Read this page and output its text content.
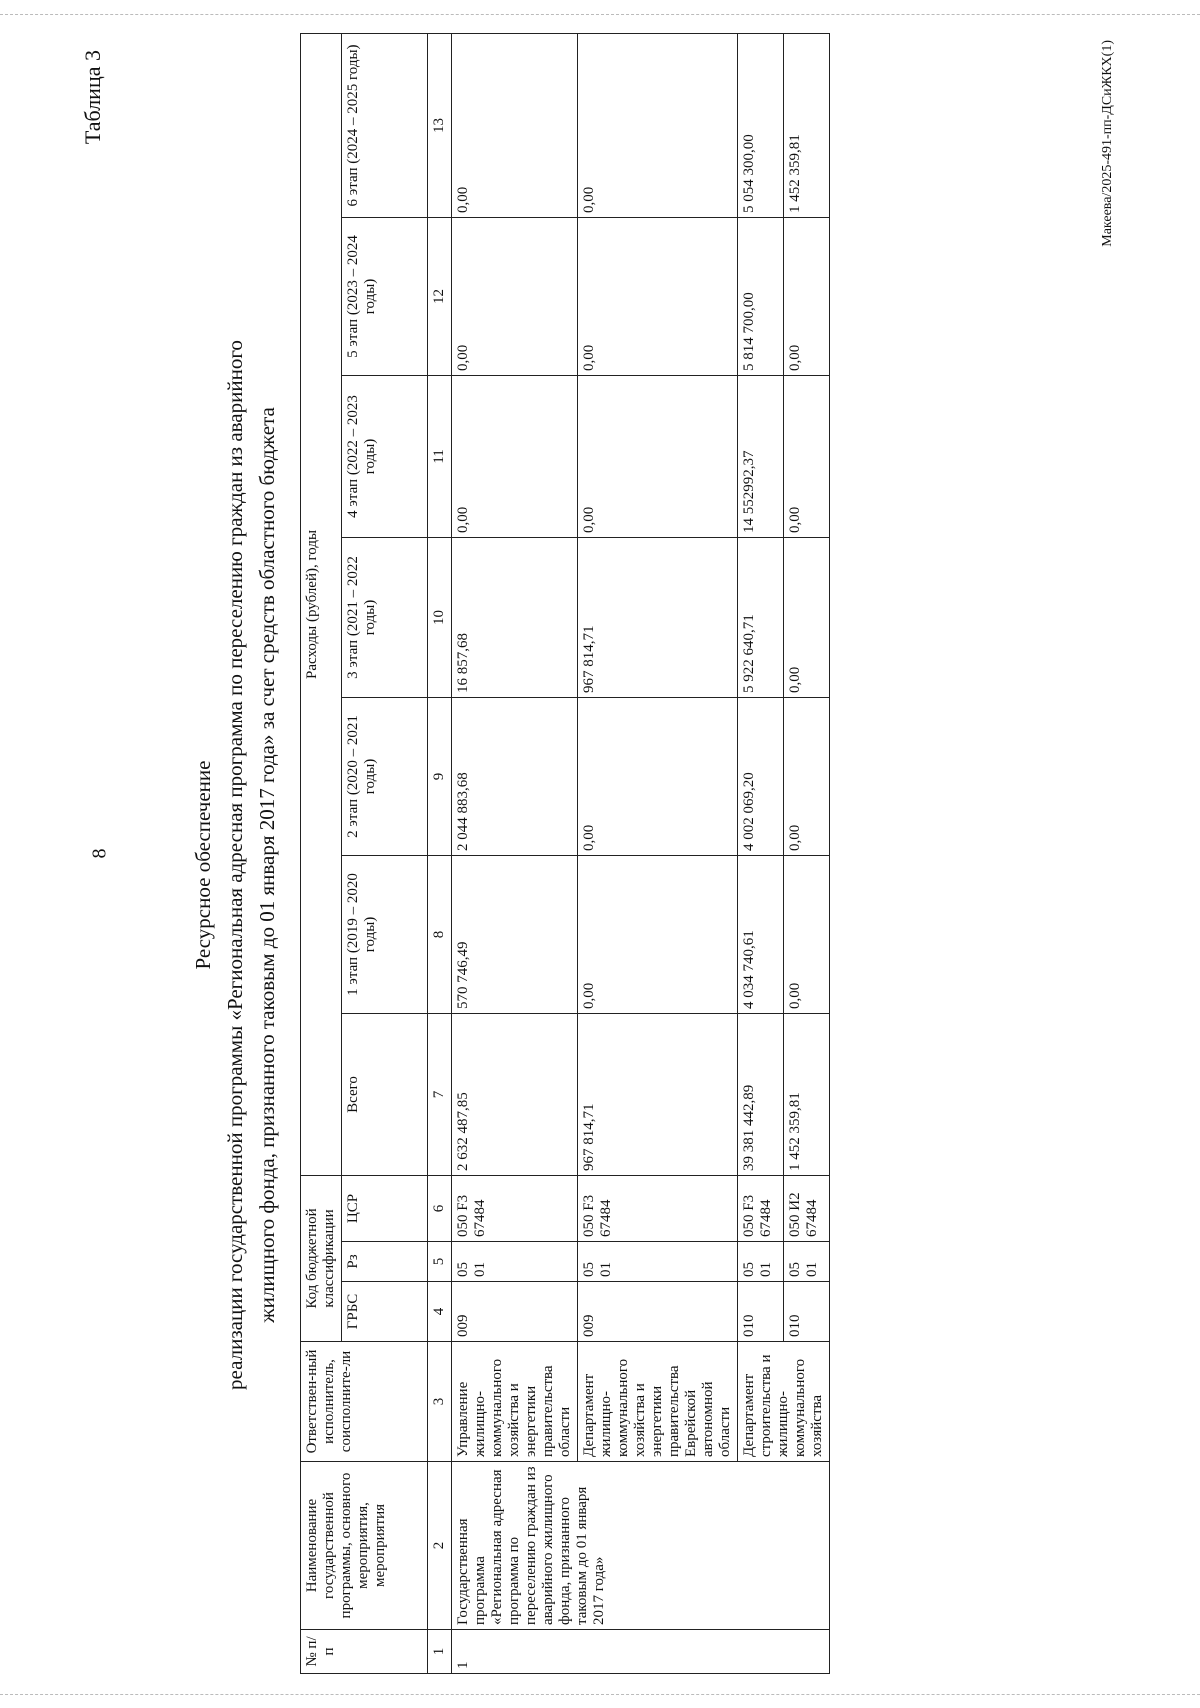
8
Таблица 3
Ресурсное обеспечение реализации государственной программы «Региональная адресная программа по переселению граждан из аварийного жилищного фонда, признанного таковым до 01 января 2017 года» за счет средств областного бюджета
№ п/п	Наименование государственной программы, основного мероприятия, мероприятия	Ответствен-ный исполнитель, соисполните-ли	Код бюджетной классификации			Расходы (рублей), годы						
			ГРБС	Рз	ЦСР	Всего	1 этап (2019 – 2020 годы)	2 этап (2020 – 2021 годы)	3 этап (2021 – 2022 годы)	4 этап (2022 – 2023 годы)	5 этап (2023 – 2024 годы)	6 этап (2024 – 2025 годы)
1	2	3	4	5	6	7	8	9	10	11	12	13
1	Государственная программа «Региональная адресная программа по переселению граждан из аварийного жилищного фонда, признанного таковым до 01 января 2017 года»	Управление жилищно-коммунального хозяйства и энергетики правительства области	009	05 01	050 F3 67484	2 632 487,85	570 746,49	2 044 883,68	16 857,68	0,00	0,00	0,00
		Департамент жилищно-коммунального хозяйства и энергетики правительства Еврейской автономной области	009	05 01	050 F3 67484	967 814,71	0,00	0,00	967 814,71	0,00	0,00	0,00
		Департамент строительства и жилищно-коммунального хозяйства	010	05 01	050 F3 67484	39 381 442,89	4 034 740,61	4 002 069,20	5 922 640,71	14 552992,37	5 814 700,00	5 054 300,00
			010	05 01	050 И2 67484	1 452 359,81	0,00	0,00	0,00	0,00	0,00	1 452 359,81	Макеева/2025-491-пп-ДСиЖКХ(1)
